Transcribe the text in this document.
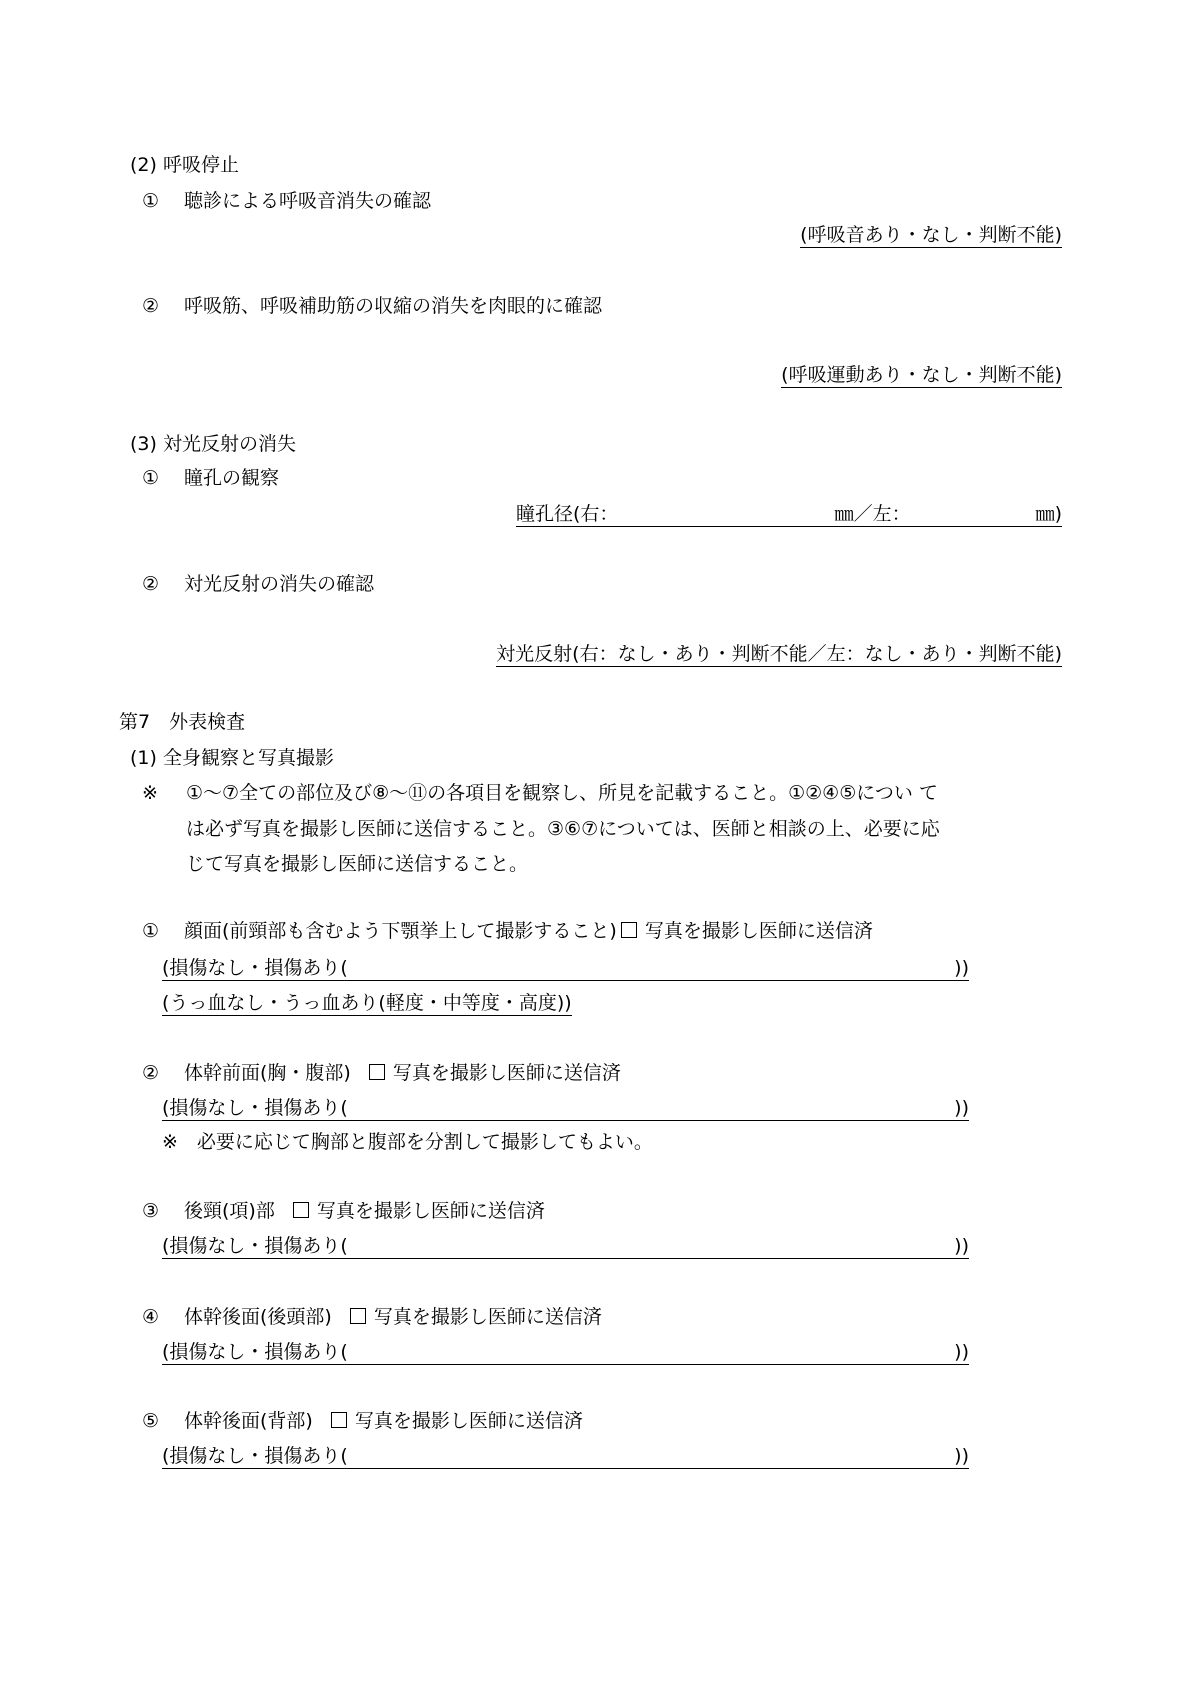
(2) 呼吸停止
① 聴診による呼吸音消失の確認
(呼吸音あり・なし・判断不能)
② 呼吸筋、呼吸補助筋の収縮の消失を肉眼的に確認
(呼吸運動あり・なし・判断不能)
(3) 対光反射の消失
① 瞳孔の観察
瞳孔径(右：	㎜／左：	㎜)
② 対光反射の消失の確認
対光反射(右：なし・あり・判断不能／左：なし・あり・判断不能)
第7　外表検査
(1) 全身観察と写真撮影
※ ①～⑦全ての部位及び⑧～⑪の各項目を観察し、所見を記載すること。①②④⑤につい て
は必ず写真を撮影し医師に送信すること。③⑥⑦については、医師と相談の上、必要に応
じて写真を撮影し医師に送信すること。
① 顔面(前頸部も含むよう下顎挙上して撮影すること) 写真を撮影し医師に送信済
(損傷なし・損傷あり(	))
(うっ血なし・うっ血あり(軽度・中等度・高度))
② 体幹前面(胸・腹部) 写真を撮影し医師に送信済
(損傷なし・損傷あり(	))
※　必要に応じて胸部と腹部を分割して撮影してもよい。
③ 後頸(項)部 写真を撮影し医師に送信済
(損傷なし・損傷あり(	))
④ 体幹後面(後頭部) 写真を撮影し医師に送信済
(損傷なし・損傷あり(	))
⑤ 体幹後面(背部) 写真を撮影し医師に送信済
(損傷なし・損傷あり(	))
